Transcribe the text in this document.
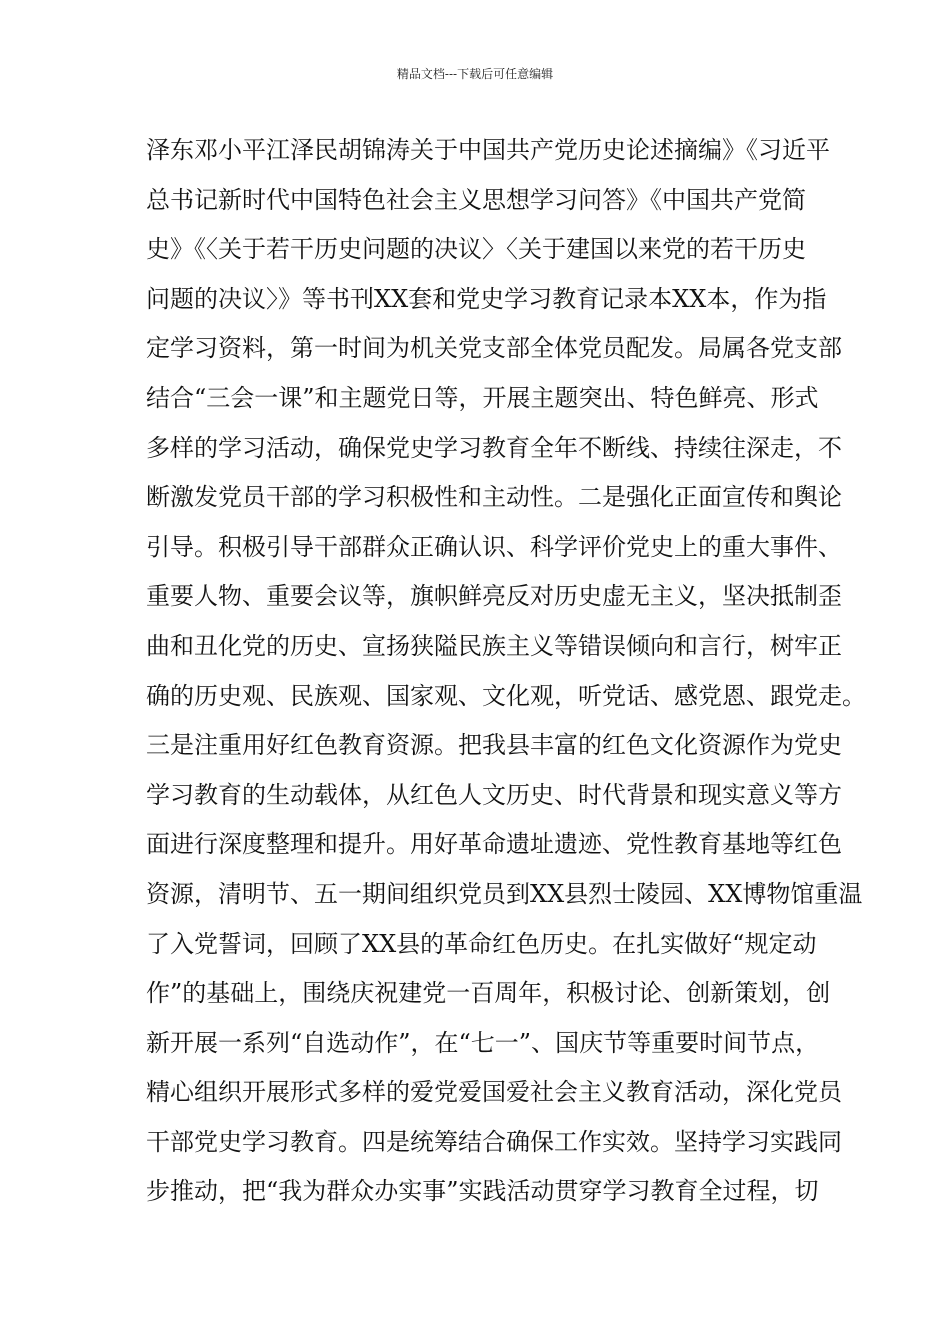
精品文档---下载后可任意编辑
泽东邓小平江泽民胡锦涛关于中国共产党历史论述摘编》《习近平
总书记新时代中国特色社会主义思想学习问答》《中国共产党简
史》《〈关于若干历史问题的决议〉〈关于建国以来党的若干历史
问题的决议〉》等书刊XX套和党史学习教育记录本XX本，作为指
定学习资料，第一时间为机关党支部全体党员配发。局属各党支部
结合“三会一课”和主题党日等，开展主题突出、特色鲜亮、形式
多样的学习活动，确保党史学习教育全年不断线、持续往深走，不
断激发党员干部的学习积极性和主动性。二是强化正面宣传和舆论
引导。积极引导干部群众正确认识、科学评价党史上的重大事件、
重要人物、重要会议等，旗帜鲜亮反对历史虚无主义，坚决抵制歪
曲和丑化党的历史、宣扬狭隘民族主义等错误倾向和言行，树牢正
确的历史观、民族观、国家观、文化观，听党话、感党恩、跟党走。
三是注重用好红色教育资源。把我县丰富的红色文化资源作为党史
学习教育的生动载体，从红色人文历史、时代背景和现实意义等方
面进行深度整理和提升。用好革命遗址遗迹、党性教育基地等红色
资源，清明节、五一期间组织党员到XX县烈士陵园、XX博物馆重温
了入党誓词，回顾了XX县的革命红色历史。在扎实做好“规定动
作”的基础上，围绕庆祝建党一百周年，积极讨论、创新策划，创
新开展一系列“自选动作”，在“七一”、国庆节等重要时间节点，
精心组织开展形式多样的爱党爱国爱社会主义教育活动，深化党员
干部党史学习教育。四是统筹结合确保工作实效。坚持学习实践同
步推动，把“我为群众办实事”实践活动贯穿学习教育全过程，切
